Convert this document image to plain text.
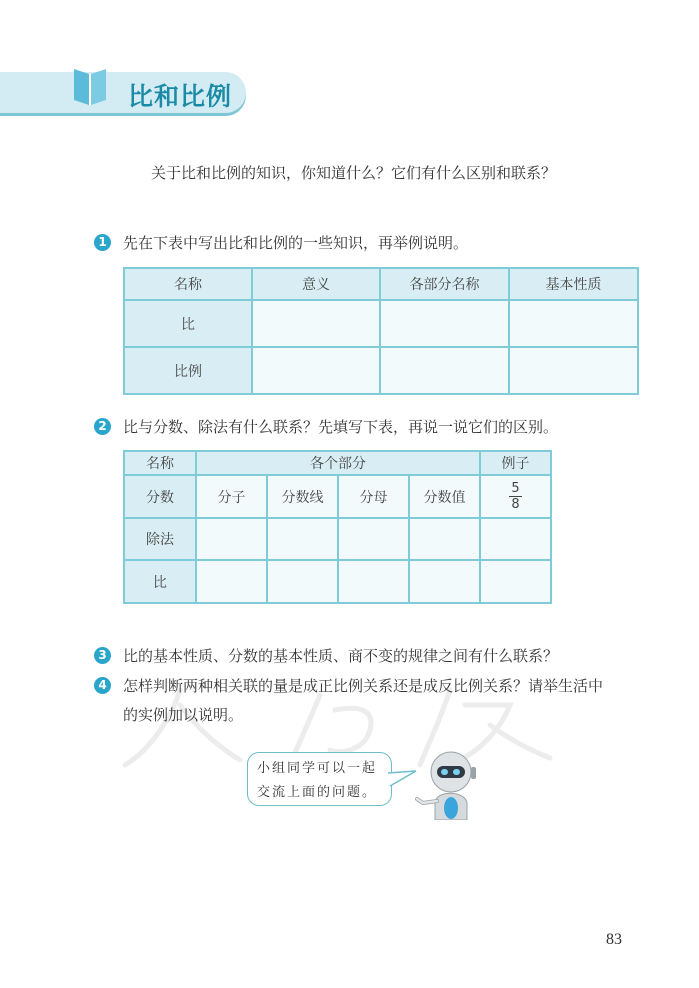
比和比例
关于比和比例的知识，你知道什么？它们有什么区别和联系？
1 先在下表中写出比和比例的一些知识，再举例说明。
名称	意义	各部分名称	基本性质
比			
比例			
2 比与分数、除法有什么联系？先填写下表，再说一说它们的区别。
名称	各个部分				例子
分数	分子	分数线	分母	分数值	$\frac{5}{8}$

除法					
比					
3 比的基本性质、分数的基本性质、商不变的规律之间有什么联系？
4 怎样判断两种相关联的量是成正比例关系还是成反比例关系？请举生活中
的实例加以说明。
小组同学可以一起
交流上面的问题。
83
